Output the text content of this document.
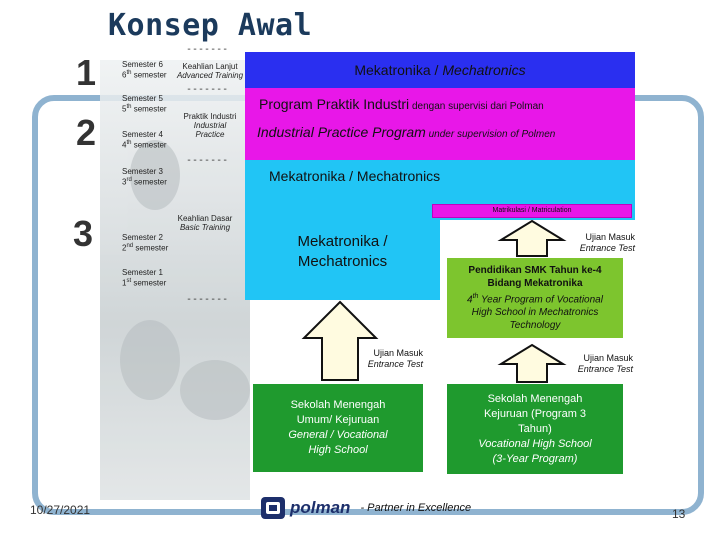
Konsep Awal
1
2
3
Semester 6
6th semester
Semester 5
5th semester
Semester 4
4th semester
Semester 3
3rd semester
Semester 2
2nd semester
Semester 1
1st semester
-------
Keahlian Lanjut
Advanced Training
-------
Praktik Industri
Industrial
Practice
-------
Keahlian Dasar
Basic Training
-------
Mekatronika / Mechatronics
Program Praktik Industri dengan supervisi dari Polman
Industrial Practice Program under supervision of Polmen
Mekatronika / Mechatronics
Matrikulasi / Matriculation
Mekatronika /
Mechatronics
Pendidikan SMK Tahun ke-4
Bidang Mekatronika
4th Year Program of Vocational
High School in Mechatronics
Technology
Sekolah Menengah
Umum/ Kejuruan
General / Vocational
High School
Sekolah Menengah
Kejuruan (Program 3
Tahun)
Vocational High School
(3-Year Program)
Ujian Masuk
Entrance Test
Ujian Masuk
Entrance Test
Ujian Masuk
Entrance Test
10/27/2021	polman - Partner in Excellence	13
